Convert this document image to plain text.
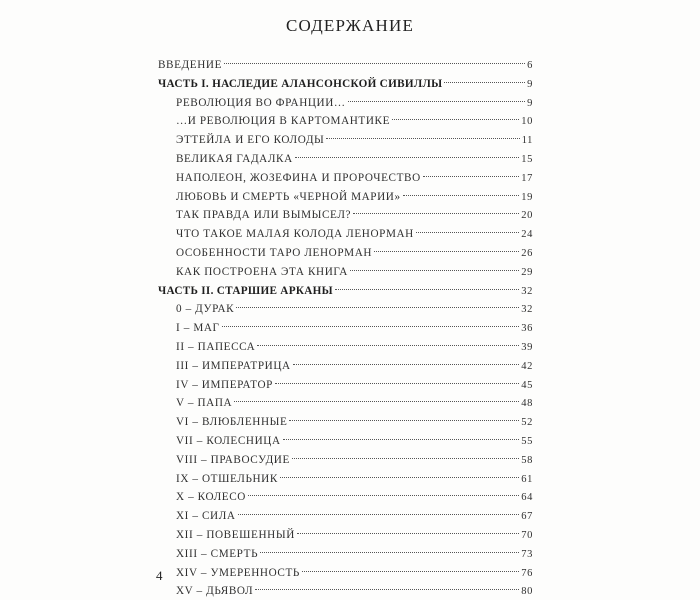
СОДЕРЖАНИЕ
ВВЕДЕНИЕ	6
ЧАСТЬ I. НАСЛЕДИЕ АЛАНСОНСКОЙ СИВИЛЛЫ	9
РЕВОЛЮЦИЯ ВО ФРАНЦИИ…	9
…И РЕВОЛЮЦИЯ В КАРТОМАНТИКЕ	10
ЭТТЕЙЛА И ЕГО КОЛОДЫ	11
ВЕЛИКАЯ ГАДАЛКА	15
НАПОЛЕОН, ЖОЗЕФИНА И ПРОРОЧЕСТВО	17
ЛЮБОВЬ И СМЕРТЬ «ЧЕРНОЙ МАРИИ»	19
ТАК ПРАВДА ИЛИ ВЫМЫСЕЛ?	20
ЧТО ТАКОЕ МАЛАЯ КОЛОДА ЛЕНОРМАН	24
ОСОБЕННОСТИ ТАРО ЛЕНОРМАН	26
КАК ПОСТРОЕНА ЭТА КНИГА	29
ЧАСТЬ II. СТАРШИЕ АРКАНЫ	32
0 – ДУРАК	32
I – МАГ	36
II – ПАПЕССА	39
III – ИМПЕРАТРИЦА	42
IV – ИМПЕРАТОР	45
V – ПАПА	48
VI – ВЛЮБЛЕННЫЕ	52
VII – КОЛЕСНИЦА	55
VIII – ПРАВОСУДИЕ	58
IX – ОТШЕЛЬНИК	61
X – КОЛЕСО	64
XI – СИЛА	67
XII – ПОВЕШЕННЫЙ	70
XIII – СМЕРТЬ	73
XIV – УМЕРЕННОСТЬ	76
XV – ДЬЯВОЛ	80
4
